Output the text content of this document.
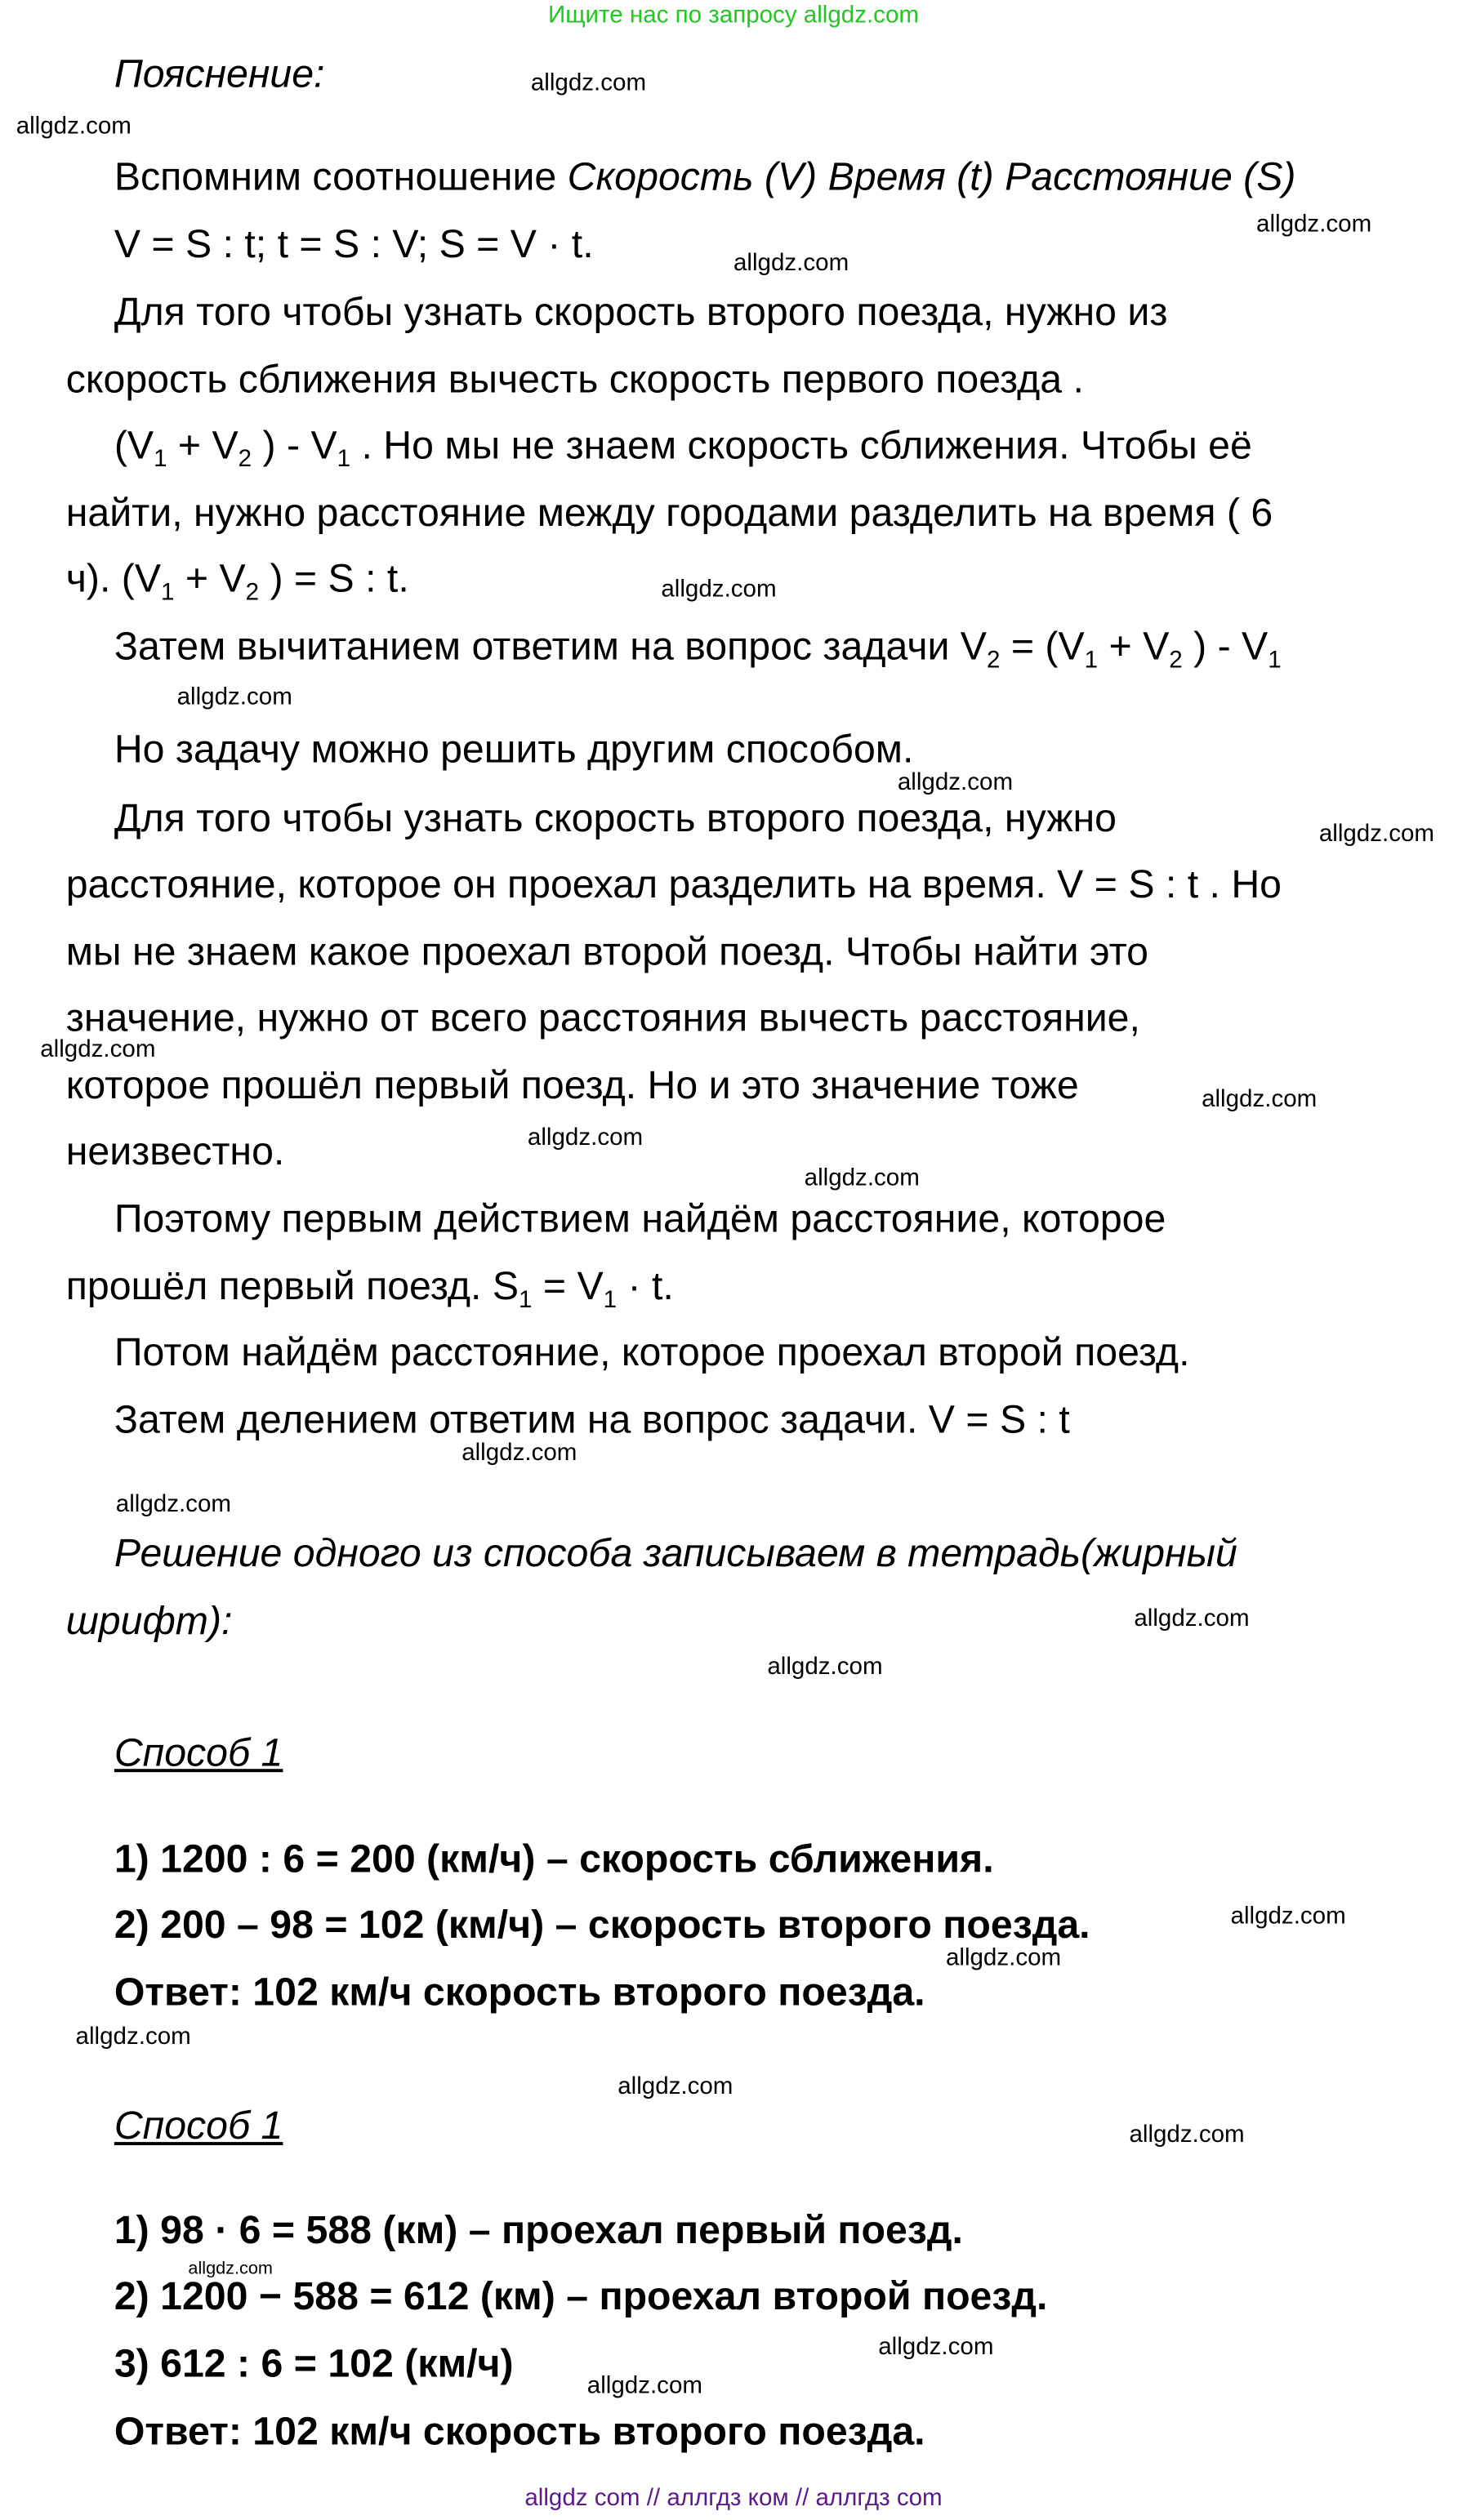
Ищите нас по запросу allgdz.com
Пояснение:
Вспомним соотношение Скорость (V) Время (t) Расстояние (S)
V = S : t; t = S : V; S = V · t.
Для того чтобы узнать скорость второго поезда, нужно из
скорость сближения вычесть скорость первого поезда .
($V_1 + V_2$ ) - $V_1$ . Но мы не знаем скорость сближения. Чтобы её
найти, нужно расстояние между городами разделить на время ( 6
ч). ($V_1 + V_2$ ) = S : t.
Затем вычитанием ответим на вопрос задачи $V_2 = (V_1 + V_2$ ) - $V_1$
Но задачу можно решить другим способом.
Для того чтобы узнать скорость второго поезда, нужно
расстояние, которое он проехал разделить на время. V = S : t . Но
мы не знаем какое проехал второй поезд. Чтобы найти это
значение, нужно от всего расстояния вычесть расстояние,
которое прошёл первый поезд. Но и это значение тоже
неизвестно.
Поэтому первым действием найдём расстояние, которое
прошёл первый поезд. $S_1 = V_1 \cdot t$.
Потом найдём расстояние, которое проехал второй поезд.
Затем делением ответим на вопрос задачи. V = S : t
Решение одного из способа записываем в тетрадь(жирный
шрифт):
Способ 1
1) 1200 : 6 = 200 (км/ч) – скорость сближения.
2) 200 – 98 = 102 (км/ч) – скорость второго поезда.
Ответ: 102 км/ч скорость второго поезда.
Способ 1
1) 98 · 6 = 588 (км) – проехал первый поезд.
2) 1200 − 588 = 612 (км) – проехал второй поезд.
3) 612 : 6 = 102 (км/ч)
Ответ: 102 км/ч скорость второго поезда.
allgdz.com
allgdz.com
allgdz.com
allgdz.com
allgdz.com
allgdz.com
allgdz.com
allgdz.com
allgdz.com
allgdz.com
allgdz.com
allgdz.com
allgdz.com
allgdz.com
allgdz.com
allgdz.com
allgdz.com
allgdz.com
allgdz.com
allgdz.com
allgdz.com
allgdz.com
allgdz.com
allgdz.com
allgdz com // аллгдз ком // аллгдз com
